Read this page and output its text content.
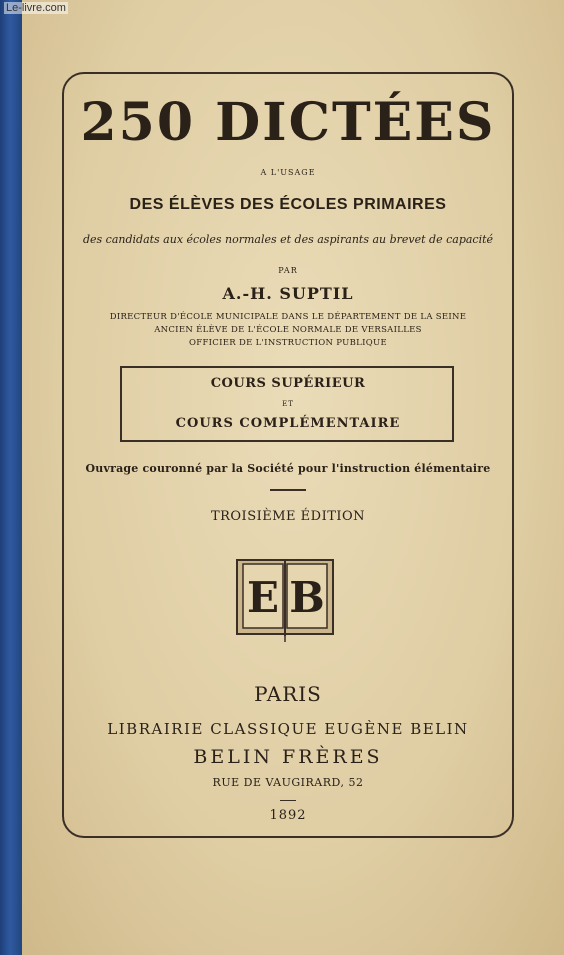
Le-livre.com
250 DICTÉES
A L'USAGE
DES ÉLÈVES DES ÉCOLES PRIMAIRES
des candidats aux écoles normales et des aspirants au brevet de capacité
PAR
A.-H. SUPTIL
DIRECTEUR D'ÉCOLE MUNICIPALE DANS LE DÉPARTEMENT DE LA SEINE
ANCIEN ÉLÈVE DE L'ÉCOLE NORMALE DE VERSAILLES
OFFICIER DE L'INSTRUCTION PUBLIQUE
COURS SUPÉRIEUR
ET
COURS COMPLÉMENTAIRE
Ouvrage couronné par la Société pour l'instruction élémentaire
TROISIÈME ÉDITION
E B
PARIS
LIBRAIRIE CLASSIQUE EUGÈNE BELIN
BELIN FRÈRES
RUE DE VAUGIRARD, 52
1892
